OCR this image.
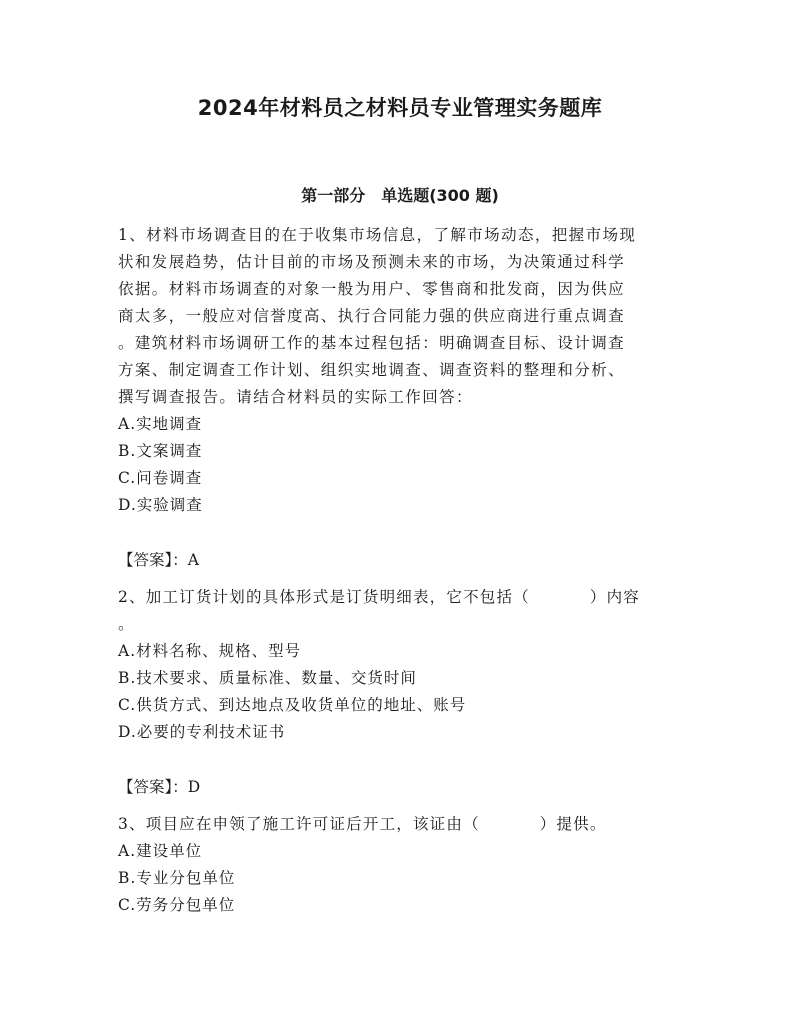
2024年材料员之材料员专业管理实务题库
第一部分　单选题(300 题)
1、材料市场调查目的在于收集市场信息，了解市场动态，把握市场现
状和发展趋势，估计目前的市场及预测未来的市场，为决策通过科学
依据。材料市场调查的对象一般为用户、零售商和批发商，因为供应
商太多，一般应对信誉度高、执行合同能力强的供应商进行重点调查
。建筑材料市场调研工作的基本过程包括：明确调查目标、设计调查
方案、制定调查工作计划、组织实地调查、调查资料的整理和分析、
撰写调查报告。请结合材料员的实际工作回答：
A.实地调查
B.文案调查
C.问卷调查
D.实验调查
【答案】：A
2、加工订货计划的具体形式是订货明细表，它不包括（	）内容
。
A.材料名称、规格、型号
B.技术要求、质量标准、数量、交货时间
C.供货方式、到达地点及收货单位的地址、账号
D.必要的专利技术证书
【答案】：D
3、项目应在申领了施工许可证后开工，该证由（	）提供。
A.建设单位
B.专业分包单位
C.劳务分包单位
